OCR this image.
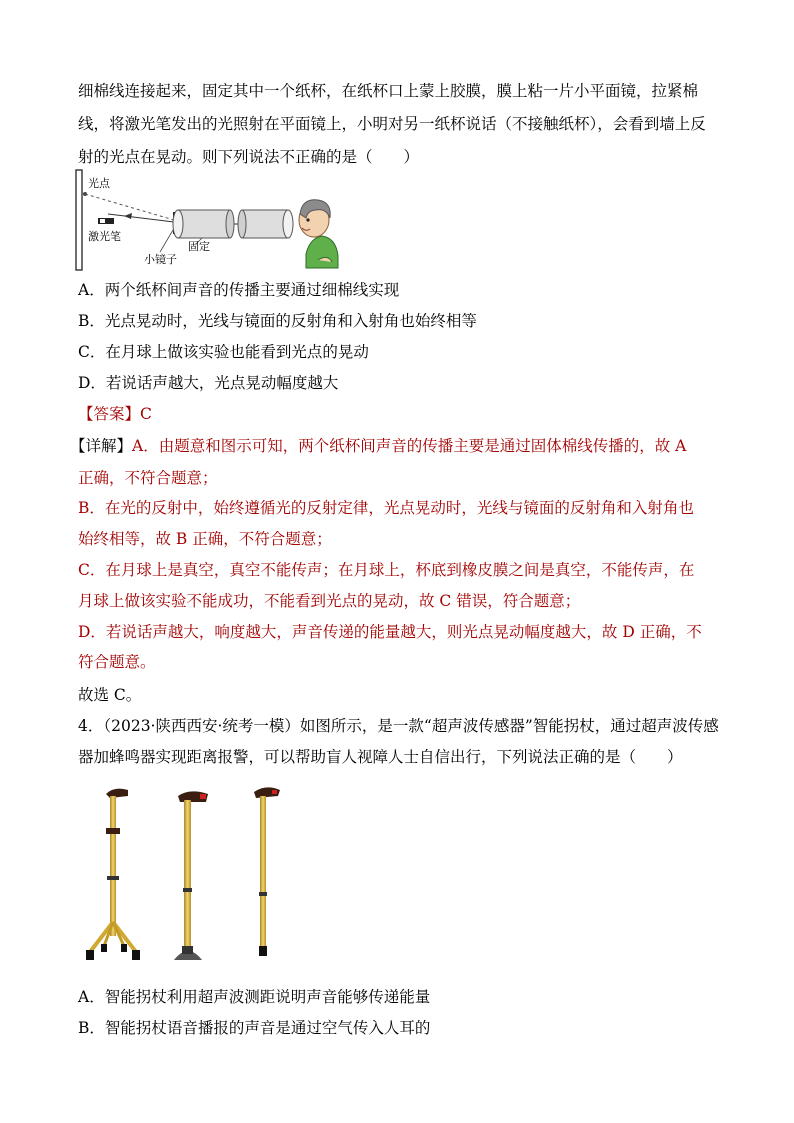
细棉线连接起来，固定其中一个纸杯，在纸杯口上蒙上胶膜，膜上粘一片小平面镜，拉紧棉
线，将激光笔发出的光照射在平面镜上，小明对另一纸杯说话（不接触纸杯），会看到墙上反
射的光点在晃动。则下列说法不正确的是（　　）
光点
激光笔
固定
小镜子
A．两个纸杯间声音的传播主要通过细棉线实现
B．光点晃动时，光线与镜面的反射角和入射角也始终相等
C．在月球上做该实验也能看到光点的晃动
D．若说话声越大，光点晃动幅度越大
【答案】C
【详解】A．由题意和图示可知，两个纸杯间声音的传播主要是通过固体棉线传播的，故 A
正确，不符合题意；
B．在光的反射中，始终遵循光的反射定律，光点晃动时，光线与镜面的反射角和入射角也
始终相等，故 B 正确，不符合题意；
C．在月球上是真空，真空不能传声；在月球上，杯底到橡皮膜之间是真空，不能传声，在
月球上做该实验不能成功，不能看到光点的晃动，故 C 错误，符合题意；
D．若说话声越大，响度越大，声音传递的能量越大，则光点晃动幅度越大，故 D 正确，不
符合题意。
故选 C。
4．（2023·陕西西安·统考一模）如图所示，是一款“超声波传感器”智能拐杖，通过超声波传感
器加蜂鸣器实现距离报警，可以帮助盲人视障人士自信出行，下列说法正确的是（　　）
A．智能拐杖利用超声波测距说明声音能够传递能量
B．智能拐杖语音播报的声音是通过空气传入人耳的
